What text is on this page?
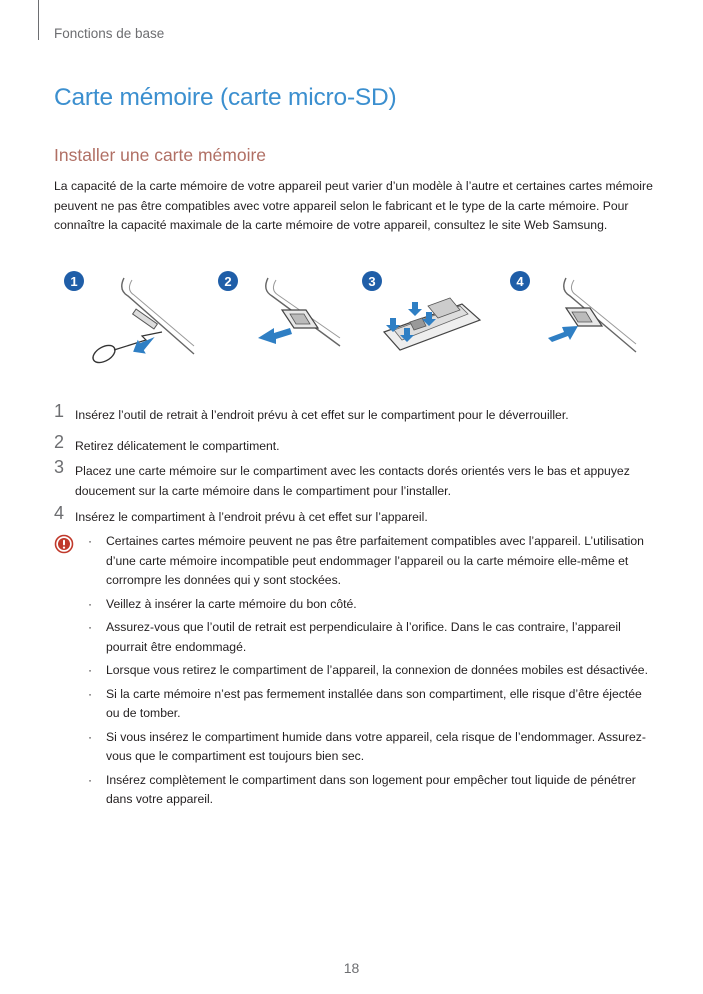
Fonctions de base
Carte mémoire (carte micro-SD)
Installer une carte mémoire

La capacité de la carte mémoire de votre appareil peut varier d’un modèle à l’autre et certaines cartes mémoire peuvent ne pas être compatibles avec votre appareil selon le fabricant et le type de la carte mémoire. Pour connaître la capacité maximale de la carte mémoire de votre appareil, consultez le site Web Samsung.

1	2	3	4
1 Insérez l’outil de retrait à l’endroit prévu à cet effet sur le compartiment pour le déverrouiller.
2 Retirez délicatement le compartiment.
3 Placez une carte mémoire sur le compartiment avec les contacts dorés orientés vers le bas et appuyez doucement sur la carte mémoire dans le compartiment pour l’installer.
4 Insérez le compartiment à l’endroit prévu à cet effet sur l’appareil.
· Certaines cartes mémoire peuvent ne pas être parfaitement compatibles avec l’appareil. L’utilisation d’une carte mémoire incompatible peut endommager l’appareil ou la carte mémoire elle-même et corrompre les données qui y sont stockées.
· Veillez à insérer la carte mémoire du bon côté.
· Assurez-vous que l’outil de retrait est perpendiculaire à l’orifice. Dans le cas contraire, l’appareil pourrait être endommagé.
· Lorsque vous retirez le compartiment de l’appareil, la connexion de données mobiles est désactivée.
· Si la carte mémoire n’est pas fermement installée dans son compartiment, elle risque d’être éjectée ou de tomber.
· Si vous insérez le compartiment humide dans votre appareil, cela risque de l’endommager. Assurez-vous que le compartiment est toujours bien sec.
· Insérez complètement le compartiment dans son logement pour empêcher tout liquide de pénétrer dans votre appareil.
18
